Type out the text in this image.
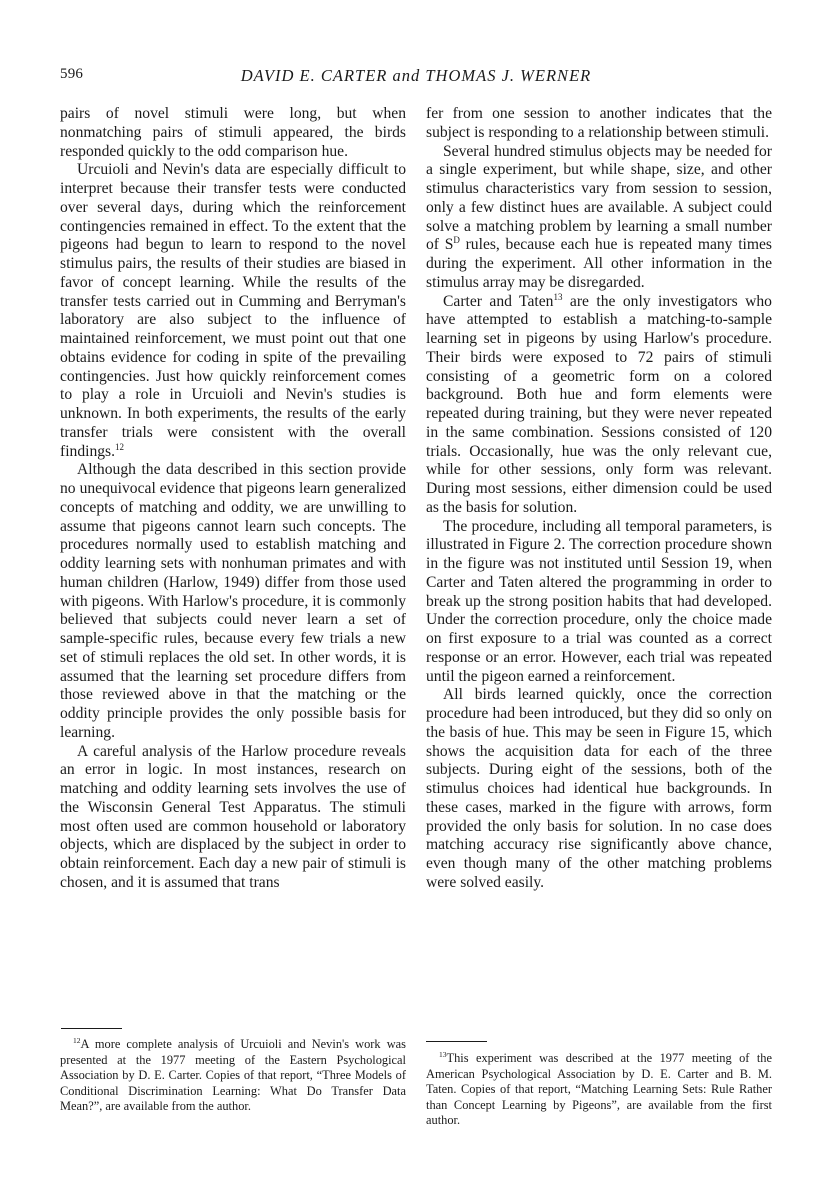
596	DAVID E. CARTER and THOMAS J. WERNER

pairs of novel stimuli were long, but when nonmatching pairs of stimuli appeared, the birds responded quickly to the odd comparison hue.

Urcuioli and Nevin's data are especially difficult to interpret because their transfer tests were conducted over several days, during which the reinforcement contingencies remained in effect. To the extent that the pigeons had begun to learn to respond to the novel stimulus pairs, the results of their studies are biased in favor of concept learning. While the results of the transfer tests carried out in Cumming and Berryman's laboratory are also subject to the influence of maintained reinforcement, we must point out that one obtains evidence for coding in spite of the prevailing contingencies. Just how quickly reinforcement comes to play a role in Urcuioli and Nevin's studies is unknown. In both experiments, the results of the early transfer trials were consistent with the overall findings.$^{12}$

Although the data described in this section provide no unequivocal evidence that pigeons learn generalized concepts of matching and oddity, we are unwilling to assume that pigeons cannot learn such concepts. The procedures normally used to establish matching and oddity learning sets with nonhuman primates and with human children (Harlow, 1949) differ from those used with pigeons. With Harlow's procedure, it is commonly believed that subjects could never learn a set of sample-specific rules, because every few trials a new set of stimuli replaces the old set. In other words, it is assumed that the learning set procedure differs from those reviewed above in that the matching or the oddity principle provides the only possible basis for learning.

A careful analysis of the Harlow procedure reveals an error in logic. In most instances, research on matching and oddity learning sets involves the use of the Wisconsin General Test Apparatus. The stimuli most often used are common household or laboratory objects, which are displaced by the subject in order to obtain reinforcement. Each day a new pair of stimuli is chosen, and it is assumed that trans

$^{12}$A more complete analysis of Urcuioli and Nevin's work was presented at the 1977 meeting of the Eastern Psychological Association by D. E. Carter. Copies of that report, “Three Models of Conditional Discrimination Learning: What Do Transfer Data Mean?”, are available from the author.

fer from one session to another indicates that the subject is responding to a relationship between stimuli.

Several hundred stimulus objects may be needed for a single experiment, but while shape, size, and other stimulus characteristics vary from session to session, only a few distinct hues are available. A subject could solve a matching problem by learning a small number of $S^D$ rules, because each hue is repeated many times during the experiment. All other information in the stimulus array may be disregarded.

Carter and Taten$^{13}$ are the only investigators who have attempted to establish a matching-to-sample learning set in pigeons by using Harlow's procedure. Their birds were exposed to 72 pairs of stimuli consisting of a geometric form on a colored background. Both hue and form elements were repeated during training, but they were never repeated in the same combination. Sessions consisted of 120 trials. Occasionally, hue was the only relevant cue, while for other sessions, only form was relevant. During most sessions, either dimension could be used as the basis for solution.

The procedure, including all temporal parameters, is illustrated in Figure 2. The correction procedure shown in the figure was not instituted until Session 19, when Carter and Taten altered the programming in order to break up the strong position habits that had developed. Under the correction procedure, only the choice made on first exposure to a trial was counted as a correct response or an error. However, each trial was repeated until the pigeon earned a reinforcement.

All birds learned quickly, once the correction procedure had been introduced, but they did so only on the basis of hue. This may be seen in Figure 15, which shows the acquisition data for each of the three subjects. During eight of the sessions, both of the stimulus choices had identical hue backgrounds. In these cases, marked in the figure with arrows, form provided the only basis for solution. In no case does matching accuracy rise significantly above chance, even though many of the other matching problems were solved easily.

$^{13}$This experiment was described at the 1977 meeting of the American Psychological Association by D. E. Carter and B. M. Taten. Copies of that report, “Matching Learning Sets: Rule Rather than Concept Learning by Pigeons”, are available from the first author.
